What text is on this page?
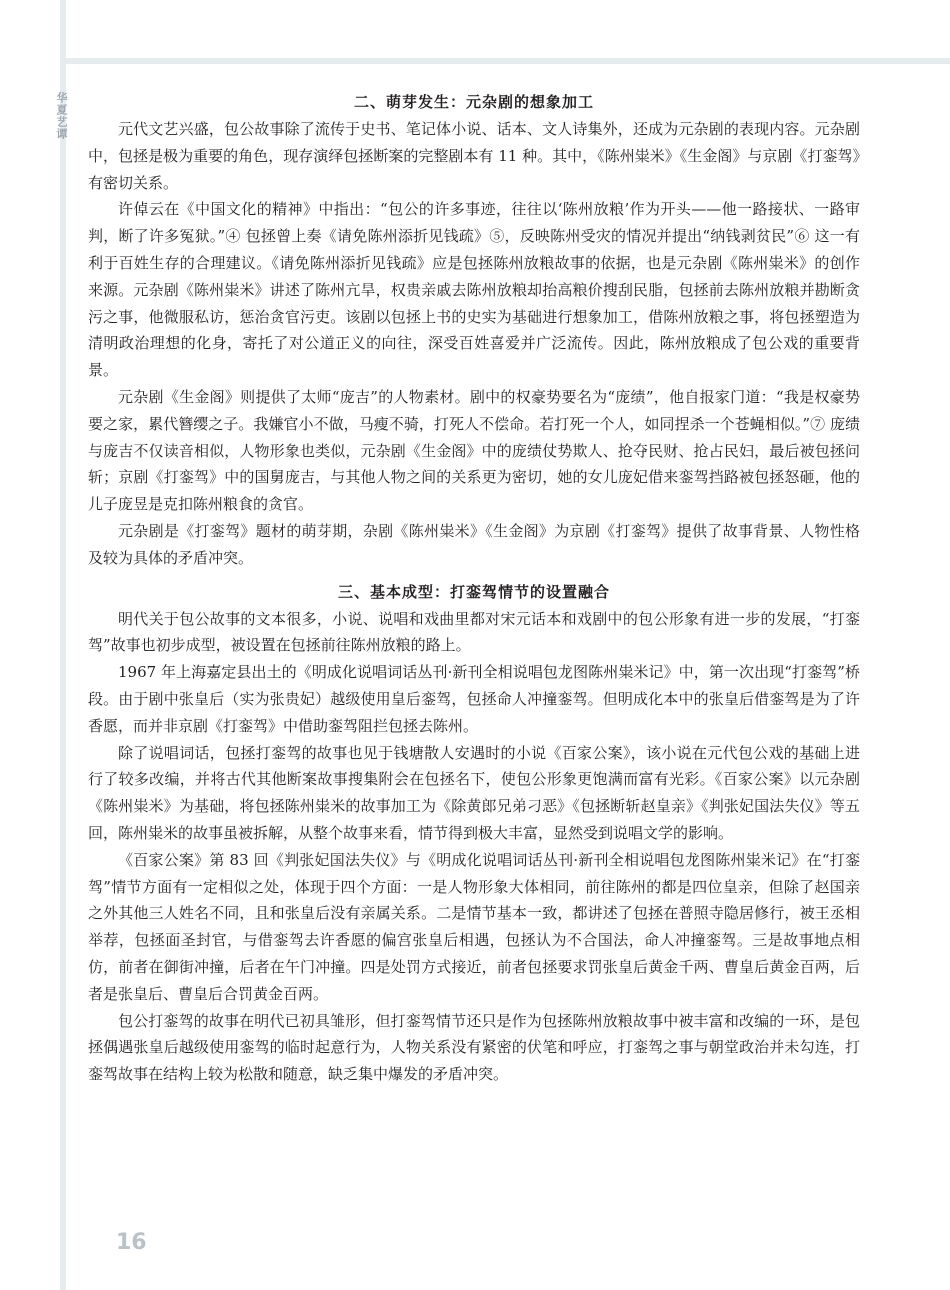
华夏艺谭	二、萌芽发生：元杂剧的想象加工

元代文艺兴盛，包公故事除了流传于史书、笔记体小说、话本、文人诗集外，还成为元杂剧的表现内容。元杂剧中，包拯是极为重要的角色，现存演绎包拯断案的完整剧本有 11 种。其中，《陈州粜米》《生金阁》与京剧《打銮驾》有密切关系。

许倬云在《中国文化的精神》中指出：“包公的许多事迹，往往以‘陈州放粮’作为开头——他一路接状、一路审判，断了许多冤狱。”④ 包拯曾上奏《请免陈州添折见钱疏》⑤，反映陈州受灾的情况并提出“纳钱剥贫民”⑥ 这一有利于百姓生存的合理建议。《请免陈州添折见钱疏》应是包拯陈州放粮故事的依据，也是元杂剧《陈州粜米》的创作来源。元杂剧《陈州粜米》讲述了陈州亢旱，权贵亲戚去陈州放粮却抬高粮价搜刮民脂，包拯前去陈州放粮并勘断贪污之事，他微服私访，惩治贪官污吏。该剧以包拯上书的史实为基础进行想象加工，借陈州放粮之事，将包拯塑造为清明政治理想的化身，寄托了对公道正义的向往，深受百姓喜爱并广泛流传。因此，陈州放粮成了包公戏的重要背景。

元杂剧《生金阁》则提供了太师“庞吉”的人物素材。剧中的权豪势要名为“庞绩”，他自报家门道：“我是权豪势要之家，累代簪缨之子。我嫌官小不做，马瘦不骑，打死人不偿命。若打死一个人，如同捏杀一个苍蝇相似。”⑦ 庞绩与庞吉不仅读音相似，人物形象也类似，元杂剧《生金阁》中的庞绩仗势欺人、抢夺民财、抢占民妇，最后被包拯问斩；京剧《打銮驾》中的国舅庞吉，与其他人物之间的关系更为密切，她的女儿庞妃借来銮驾挡路被包拯怒砸，他的儿子庞昱是克扣陈州粮食的贪官。

元杂剧是《打銮驾》题材的萌芽期，杂剧《陈州粜米》《生金阁》为京剧《打銮驾》提供了故事背景、人物性格及较为具体的矛盾冲突。

三、基本成型：打銮驾情节的设置融合

明代关于包公故事的文本很多，小说、说唱和戏曲里都对宋元话本和戏剧中的包公形象有进一步的发展，“打銮驾”故事也初步成型，被设置在包拯前往陈州放粮的路上。

1967 年上海嘉定县出土的《明成化说唱词话丛刊·新刊全相说唱包龙图陈州粜米记》中，第一次出现“打銮驾”桥段。由于剧中张皇后（实为张贵妃）越级使用皇后銮驾，包拯命人冲撞銮驾。但明成化本中的张皇后借銮驾是为了许香愿，而并非京剧《打銮驾》中借助銮驾阻拦包拯去陈州。

除了说唱词话，包拯打銮驾的故事也见于钱塘散人安遇时的小说《百家公案》，该小说在元代包公戏的基础上进行了较多改编，并将古代其他断案故事搜集附会在包拯名下，使包公形象更饱满而富有光彩。《百家公案》以元杂剧《陈州粜米》为基础，将包拯陈州粜米的故事加工为《除黄郎兄弟刁恶》《包拯断斩赵皇亲》《判张妃国法失仪》等五回，陈州粜米的故事虽被拆解，从整个故事来看，情节得到极大丰富，显然受到说唱文学的影响。

《百家公案》第 83 回《判张妃国法失仪》与《明成化说唱词话丛刊·新刊全相说唱包龙图陈州粜米记》在“打銮驾”情节方面有一定相似之处，体现于四个方面：一是人物形象大体相同，前往陈州的都是四位皇亲，但除了赵国亲之外其他三人姓名不同，且和张皇后没有亲属关系。二是情节基本一致，都讲述了包拯在普照寺隐居修行，被王丞相举荐，包拯面圣封官，与借銮驾去许香愿的偏宫张皇后相遇，包拯认为不合国法，命人冲撞銮驾。三是故事地点相仿，前者在御街冲撞，后者在午门冲撞。四是处罚方式接近，前者包拯要求罚张皇后黄金千两、曹皇后黄金百两，后者是张皇后、曹皇后合罚黄金百两。

包公打銮驾的故事在明代已初具雏形，但打銮驾情节还只是作为包拯陈州放粮故事中被丰富和改编的一环，是包拯偶遇张皇后越级使用銮驾的临时起意行为，人物关系没有紧密的伏笔和呼应，打銮驾之事与朝堂政治并未勾连，打銮驾故事在结构上较为松散和随意，缺乏集中爆发的矛盾冲突。

16
